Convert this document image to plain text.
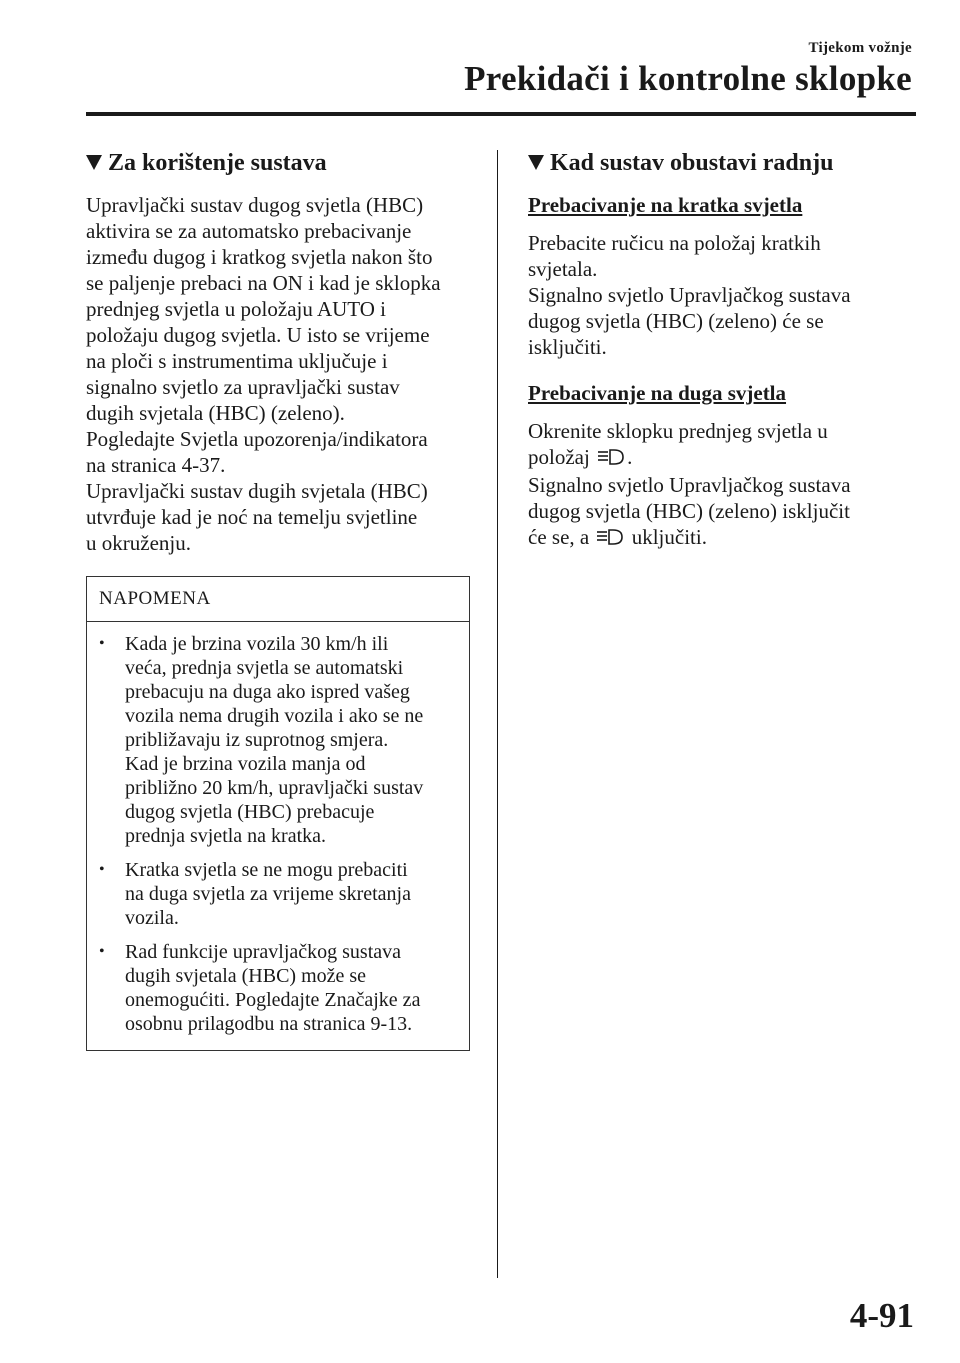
Tijekom vožnje
Prekidači i kontrolne sklopke
Za korištenje sustava

Upravljački sustav dugog svjetla (HBC)
aktivira se za automatsko prebacivanje
između dugog i kratkog svjetla nakon što
se paljenje prebaci na ON i kad je sklopka
prednjeg svjetla u položaju AUTO i
položaju dugog svjetla. U isto se vrijeme
na ploči s instrumentima uključuje i
signalno svjetlo za upravljački sustav
dugih svjetala (HBC) (zeleno).
Pogledajte Svjetla upozorenja/indikatora
na stranica 4-37.
Upravljački sustav dugih svjetala (HBC)
utvrđuje kad je noć na temelju svjetline
u okruženju.

NAPOMENA
•	Kada je brzina vozila 30 km/h ili
veća, prednja svjetla se automatski
prebacuju na duga ako ispred vašeg
vozila nema drugih vozila i ako se ne
približavaju iz suprotnog smjera.
Kad je brzina vozila manja od
približno 20 km/h, upravljački sustav
dugog svjetla (HBC) prebacuje
prednja svjetla na kratka.
•	Kratka svjetla se ne mogu prebaciti
na duga svjetla za vrijeme skretanja
vozila.
•	Rad funkcije upravljačkog sustava
dugih svjetala (HBC) može se
onemogućiti. Pogledajte Značajke za
osobnu prilagodbu na stranica 9-13.
Kad sustav obustavi radnju
Prebacivanje na kratka svjetla

Prebacite ručicu na položaj kratkih
svjetala.
Signalno svjetlo Upravljačkog sustava
dugog svjetla (HBC) (zeleno) će se
isključiti.

Prebacivanje na duga svjetla

Okrenite sklopku prednjeg svjetla u
položaj .
Signalno svjetlo Upravljačkog sustava
dugog svjetla (HBC) (zeleno) isključit
će se, a uključiti.

4-91
